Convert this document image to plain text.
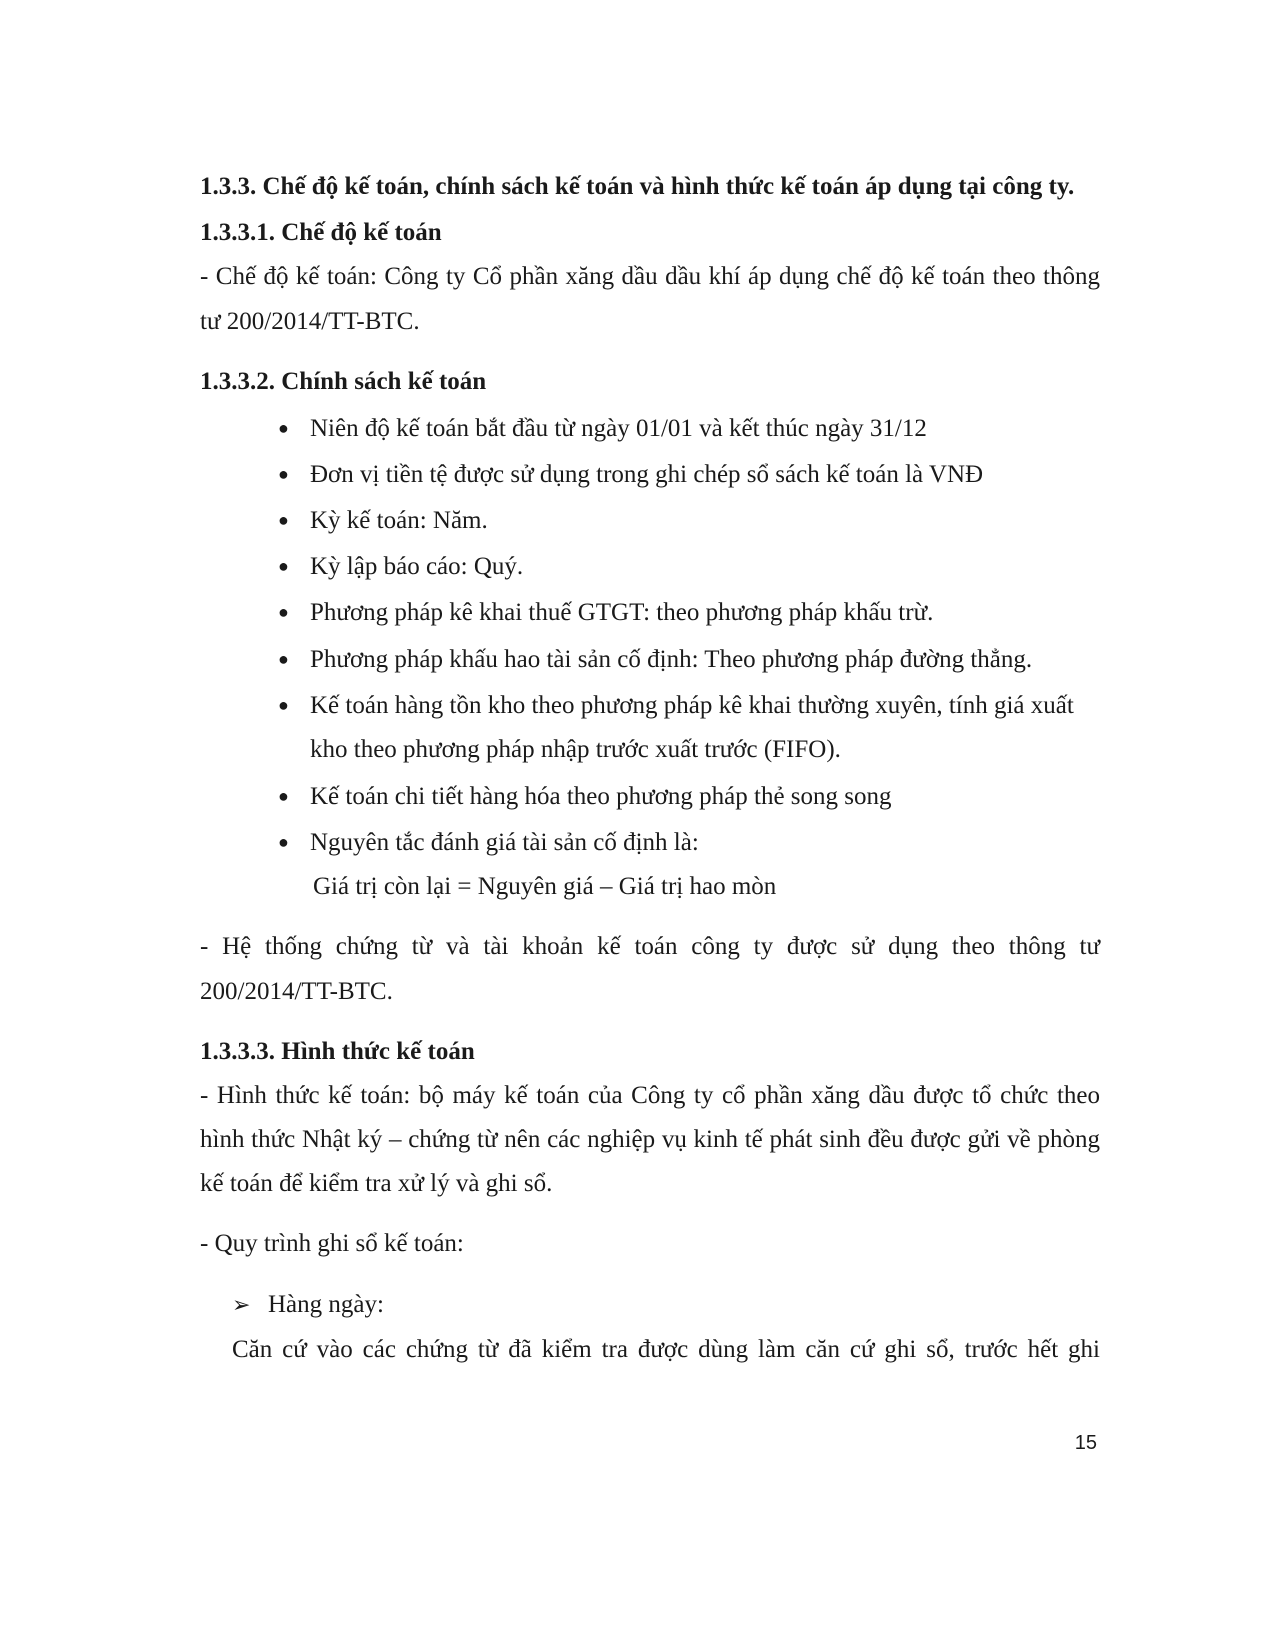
1.3.3. Chế độ kế toán, chính sách kế toán và hình thức kế toán áp dụng tại công ty.
1.3.3.1. Chế độ kế toán
- Chế độ kế toán: Công ty Cổ phần xăng dầu dầu khí áp dụng chế độ kế toán theo thông
tư 200/2014/TT-BTC.
1.3.3.2. Chính sách kế toán
● Niên độ kế toán bắt đầu từ ngày 01/01 và kết thúc ngày 31/12
● Đơn vị tiền tệ được sử dụng trong ghi chép sổ sách kế toán là VNĐ
● Kỳ kế toán: Năm.
● Kỳ lập báo cáo: Quý.
● Phương pháp kê khai thuế GTGT: theo phương pháp khấu trừ.
● Phương pháp khấu hao tài sản cố định: Theo phương pháp đường thẳng.
● Kế toán hàng tồn kho theo phương pháp kê khai thường xuyên, tính giá xuất
kho theo phương pháp nhập trước xuất trước (FIFO).
● Kế toán chi tiết hàng hóa theo phương pháp thẻ song song
● Nguyên tắc đánh giá tài sản cố định là:
Giá trị còn lại = Nguyên giá – Giá trị hao mòn
- Hệ thống chứng từ và tài khoản kế toán công ty được sử dụng theo thông tư
200/2014/TT-BTC.
1.3.3.3. Hình thức kế toán
- Hình thức kế toán: bộ máy kế toán của Công ty cổ phần xăng dầu được tổ chức theo
hình thức Nhật ký – chứng từ nên các nghiệp vụ kinh tế phát sinh đều được gửi về phòng
kế toán để kiểm tra xử lý và ghi sổ.
- Quy trình ghi sổ kế toán:
➢ Hàng ngày:
Căn cứ vào các chứng từ đã kiểm tra được dùng làm căn cứ ghi sổ, trước hết ghi
15
